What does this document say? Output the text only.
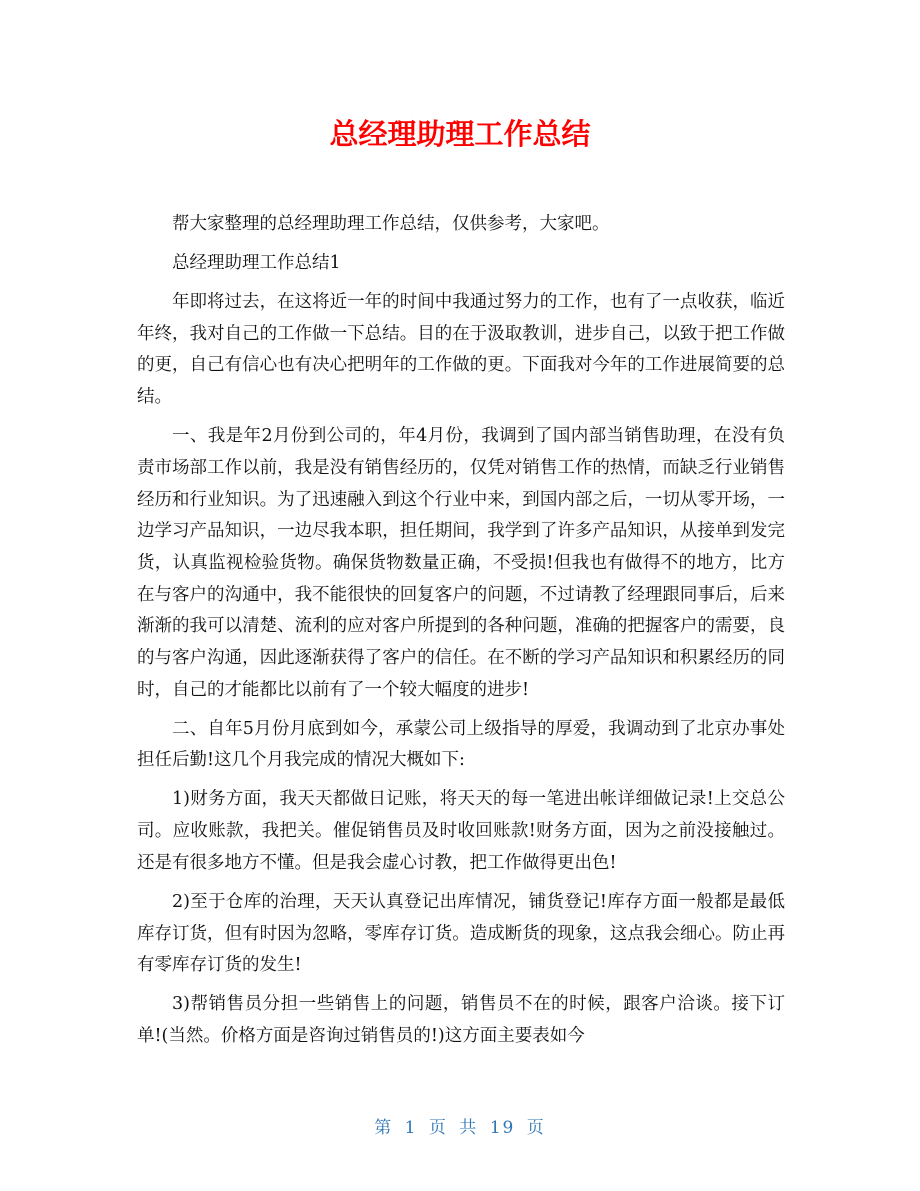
总经理助理工作总结

帮大家整理的总经理助理工作总结，仅供参考，大家吧。

总经理助理工作总结1

年即将过去，在这将近一年的时间中我通过努力的工作，也有了一点收获，临近年终，我对自己的工作做一下总结。目的在于汲取教训，进步自己，以致于把工作做的更，自己有信心也有决心把明年的工作做的更。下面我对今年的工作进展简要的总结。

一、我是年2月份到公司的，年4月份，我调到了国内部当销售助理，在没有负责市场部工作以前，我是没有销售经历的，仅凭对销售工作的热情，而缺乏行业销售经历和行业知识。为了迅速融入到这个行业中来，到国内部之后，一切从零开场，一边学习产品知识，一边尽我本职，担任期间，我学到了许多产品知识，从接单到发完货，认真监视检验货物。确保货物数量正确，不受损!但我也有做得不的地方，比方在与客户的沟通中，我不能很快的回复客户的问题，不过请教了经理跟同事后，后来渐渐的我可以清楚、流利的应对客户所提到的各种问题，准确的把握客户的需要，良的与客户沟通，因此逐渐获得了客户的信任。在不断的学习产品知识和积累经历的同时，自己的才能都比以前有了一个较大幅度的进步!

二、自年5月份月底到如今，承蒙公司上级指导的厚爱，我调动到了北京办事处担任后勤!这几个月我完成的情况大概如下:

1)财务方面，我天天都做日记账，将天天的每一笔进出帐详细做记录!上交总公司。应收账款，我把关。催促销售员及时收回账款!财务方面，因为之前没接触过。还是有很多地方不懂。但是我会虚心讨教，把工作做得更出色!

2)至于仓库的治理，天天认真登记出库情况，铺货登记!库存方面一般都是最低库存订货，但有时因为忽略，零库存订货。造成断货的现象，这点我会细心。防止再有零库存订货的发生!

3)帮销售员分担一些销售上的问题，销售员不在的时候，跟客户洽谈。接下订单!(当然。价格方面是咨询过销售员的!)这方面主要表如今

第 1 页 共 19 页
